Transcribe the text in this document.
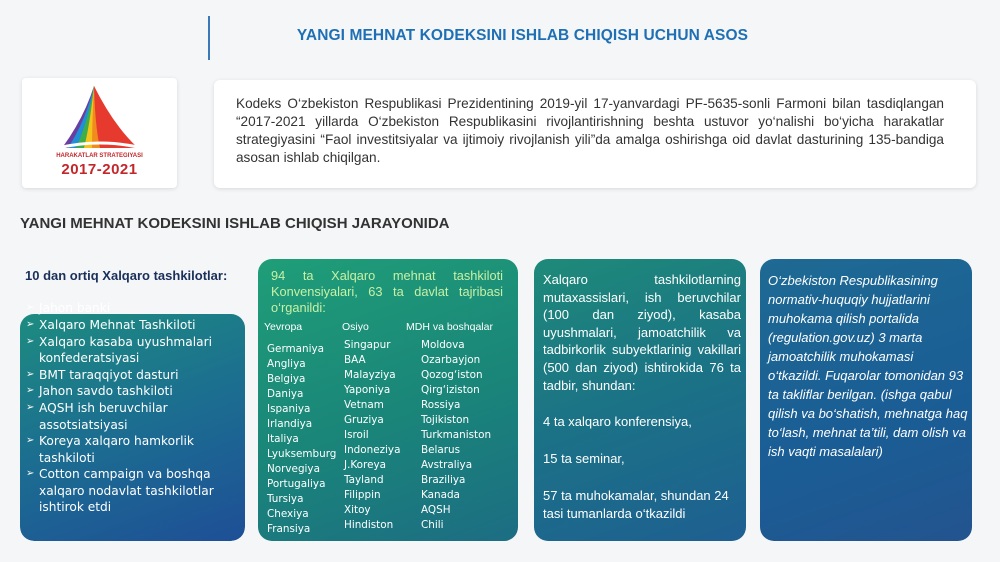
YANGI MEHNAT KODEKSINI ISHLAB CHIQISH UCHUN ASOS
HARAKATLAR STRATEGIYASI
2017-2021

Kodeks O‘zbekiston Respublikasi Prezidentining 2019-yil 17-yanvardagi PF-5635-sonli Farmoni bilan tasdiqlangan “2017-2021 yillarda O‘zbekiston Respublikasini rivojlantirishning beshta ustuvor yo‘nalishi bo‘yicha harakatlar strategiyasini “Faol investitsiyalar va ijtimoiy rivojlanish yili”da amalga oshirishga oid davlat dasturining 135-bandiga asosan ishlab chiqilgan.

YANGI MEHNAT KODEKSINI ISHLAB CHIQISH JARAYONIDA
10 dan ortiq Xalqaro tashkilotlar:
➢ Jahon banki
➢ Xalqaro Mehnat Tashkiloti
➢ Xalqaro kasaba uyushmalari konfederatsiyasi
➢ BMT taraqqiyot dasturi
➢ Jahon savdo tashkiloti
➢ AQSH ish beruvchilar assotsiatsiyasi
➢ Koreya xalqaro hamkorlik tashkiloti
➢ Cotton campaign va boshqa xalqaro nodavlat tashkilotlar ishtirok etdi

94 ta Xalqaro mehnat tashkiloti Konvensiyalari, 63 ta davlat tajribasi o‘rganildi:

Yevropa	Osiyo	MDH va boshqalar
Germaniya
Angliya
Belgiya
Daniya
Ispaniya
Irlandiya
Italiya
Lyuksemburg
Norvegiya
Portugaliya
Tursiya
Chexiya
Fransiya
Singapur
BAA
Malayziya
Yaponiya
Vetnam
Gruziya
Isroil
Indoneziya
J.Koreya
Tayland
Filippin
Xitoy
Hindiston
Moldova
Ozarbayjon
Qozog‘iston
Qirg‘iziston
Rossiya
Tojikiston
Turkmaniston
Belarus
Avstraliya
Braziliya
Kanada
AQSH
Chili

Xalqaro tashkilotlarning mutaxassislari, ish beruvchilar (100 dan ziyod), kasaba uyushmalari, jamoatchilik va tadbirkorlik subyektlarinig vakillari (500 dan ziyod) ishtirokida 76 ta tadbir, shundan:

4 ta xalqaro konferensiya,

15 ta seminar,

57 ta muhokamalar, shundan 24 tasi tumanlarda o‘tkazildi

O‘zbekiston Respublikasining normativ-huquqiy hujjatlarini muhokama qilish portalida (regulation.gov.uz) 3 marta jamoatchilik muhokamasi o‘tkazildi. Fuqarolar tomonidan 93 ta takliflar berilgan. (ishga qabul qilish va bo‘shatish, mehnatga haq to‘lash, mehnat ta’tili, dam olish va ish vaqti masalalari)
